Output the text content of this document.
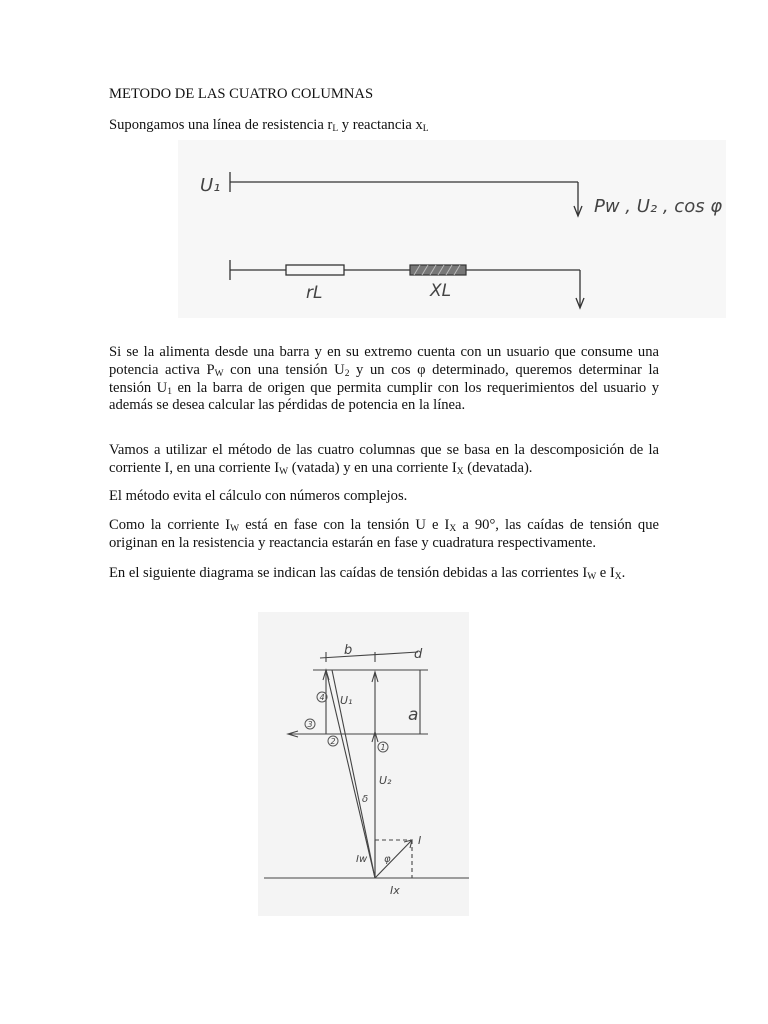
METODO DE LAS CUATRO COLUMNAS

Supongamos una línea de resistencia $r_L$ y reactancia $x_L$

U₁
Pw , U₂ , cos φ
rL	XL

Si se la alimenta desde una barra y en su extremo cuenta con un usuario que consume una potencia activa $P_W$ con una tensión $U_2$ y un cos φ determinado, queremos determinar la tensión $U_1$ en la barra de origen que permita cumplir con los requerimientos del usuario y además se desea calcular las pérdidas de potencia en la línea.

Vamos a utilizar el método de las cuatro columnas que se basa en la descomposición de la corriente I, en una corriente $I_W$ (vatada) y en una corriente $I_X$ (devatada).

El método evita el cálculo con números complejos.

Como la corriente $I_W$ está en fase con la tensión U e $I_X$ a 90°, las caídas de tensión que originan en la resistencia y reactancia estarán en fase y cuadratura respectivamente.

En el siguiente diagrama se indican las caídas de tensión debidas a las corrientes $I_W$ e $I_X$.

4
2
3
1
b	d
a
U₁
U₂
δ
φ
I
Iw
Ix
